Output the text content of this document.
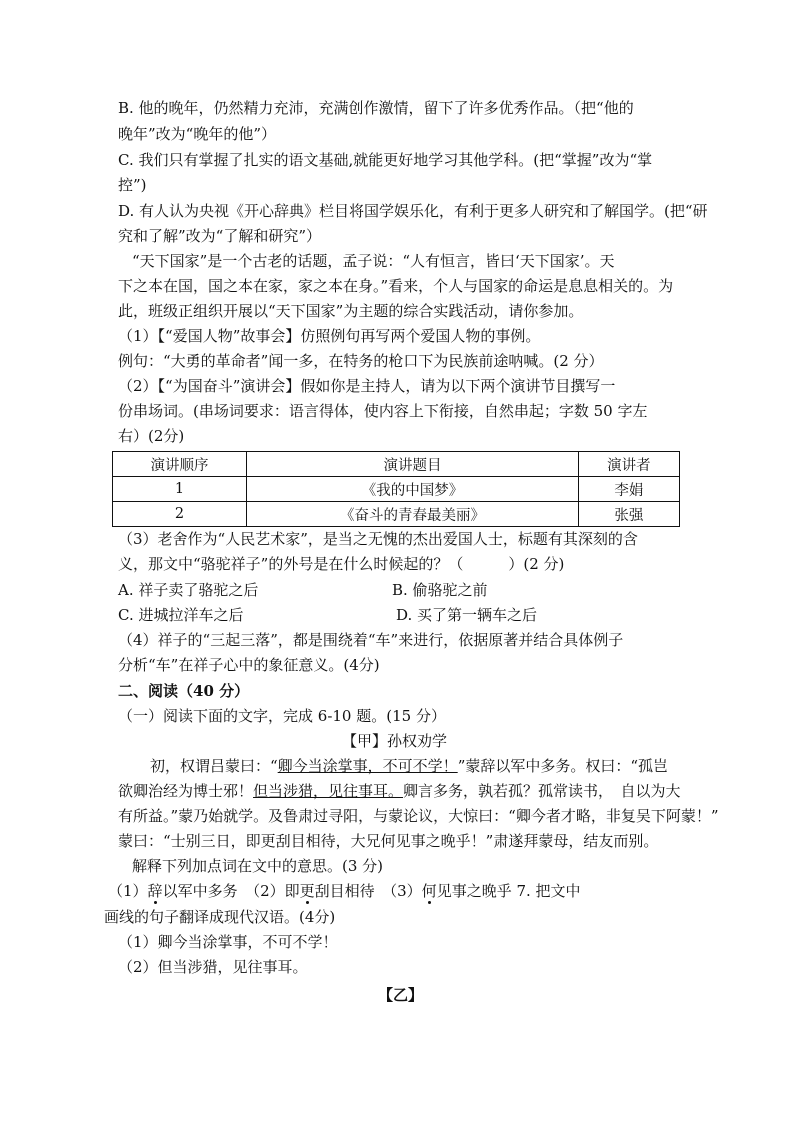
B. 他的晚年，仍然精力充沛，充满创作激情，留下了许多优秀作品。（把“他的
晚年”改为“晚年的他”）
C. 我们只有掌握了扎实的语文基础,就能更好地学习其他学科。(把“掌握”改为“掌
控”)
D. 有人认为央视《开心辞典》栏目将国学娱乐化，有利于更多人研究和了解国学。(把“研
究和了解”改为“了解和研究”）
“天下国家”是一个古老的话题，孟子说：“人有恒言，皆曰‘天下国家’。天
下之本在国，国之本在家，家之本在身。”看来，个人与国家的命运是息息相关的。为
此，班级正组织开展以“天下国家”为主题的综合实践活动，请你参加。
（1）【“爱国人物”故事会】仿照例句再写两个爱国人物的事例。
例句：“大勇的革命者”闻一多，在特务的枪口下为民族前途呐喊。(2 分）
（2）【“为国奋斗”演讲会】假如你是主持人，请为以下两个演讲节目撰写一
份串场词。(串场词要求：语言得体，使内容上下衔接，自然串起；字数 50 字左
右）(2分)
演讲顺序	演讲题目	演讲者
1	《我的中国梦》	李娟
2	《奋斗的青春最美丽》	张强
（3）老舍作为“人民艺术家”，是当之无愧的杰出爱国人士，标题有其深刻的含
义，那文中“骆驼祥子”的外号是在什么时候起的？（　　　）(2 分)
A. 祥子卖了骆驼之后	B. 偷骆驼之前
C. 进城拉洋车之后	D. 买了第一辆车之后
（4）祥子的“三起三落”，都是围绕着“车”来进行，依据原著并结合具体例子
分析“车”在祥子心中的象征意义。(4分)
二、阅读（40 分）
（一）阅读下面的文字，完成 6-10 题。(15 分）
【甲】孙权劝学
初，权谓吕蒙曰：“卿今当涂掌事，不可不学！”蒙辞以军中多务。权曰：“孤岂
欲卿治经为博士邪！但当涉猎，见往事耳。卿言多务，孰若孤？孤常读书，　自以为大
有所益。”蒙乃始就学。及鲁肃过寻阳，与蒙论议，大惊曰：“卿今者才略，非复吴下阿蒙！”
蒙曰：“士别三日，即更刮目相待，大兄何见事之晚乎！”肃遂拜蒙母，结友而别。
解释下列加点词在文中的意思。(3 分)
（1）辞以军中多务　（2）即更刮目相待　（3）何见事之晚乎 7. 把文中
画线的句子翻译成现代汉语。(4分)
（1）卿今当涂掌事，不可不学！
（2）但当涉猎，见往事耳。
【乙】
